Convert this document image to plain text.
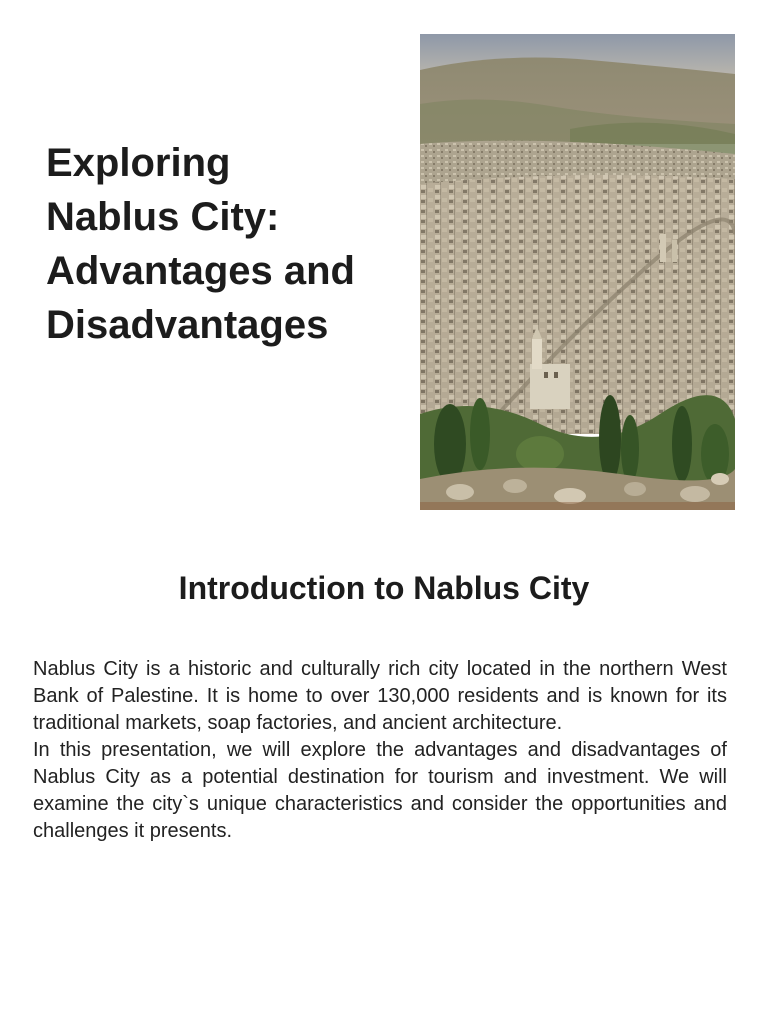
Exploring
Nablus City:
Advantages and
Disadvantages
Introduction to Nablus City

Nablus City is a historic and culturally rich city located in the northern West Bank of Palestine. It is home to over 130,000 residents and is known for its traditional markets, soap factories, and ancient architecture.

In this presentation, we will explore the advantages and disadvantages of Nablus City as a potential destination for tourism and investment. We will examine the city`s unique characteristics and consider the opportunities and challenges it presents.
